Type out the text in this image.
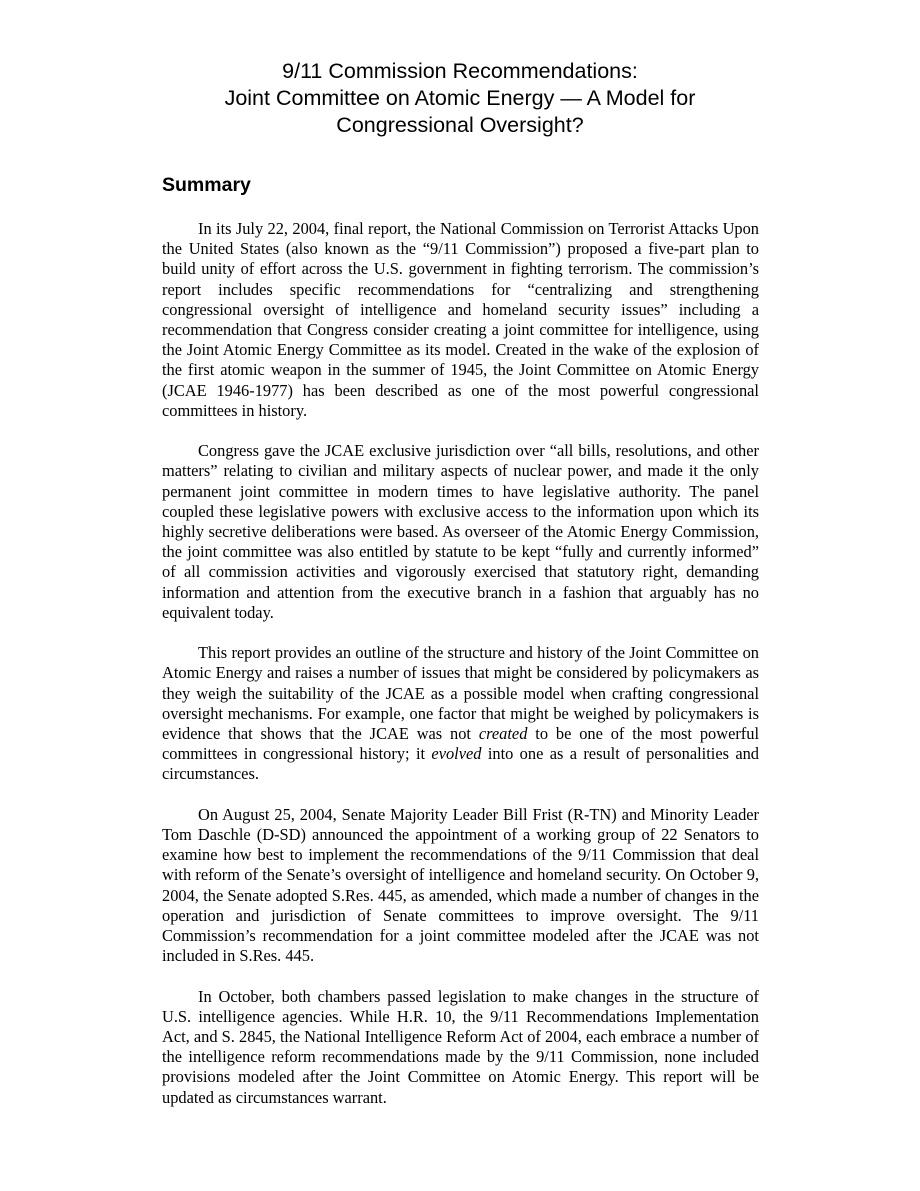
9/11 Commission Recommendations:
Joint Committee on Atomic Energy — A Model for
Congressional Oversight?
Summary

In its July 22, 2004, final report, the National Commission on Terrorist Attacks Upon the United States (also known as the “9/11 Commission”) proposed a five-part plan to build unity of effort across the U.S. government in fighting terrorism. The commission’s report includes specific recommendations for “centralizing and strengthening congressional oversight of intelligence and homeland security issues” including a recommendation that Congress consider creating a joint committee for intelligence, using the Joint Atomic Energy Committee as its model. Created in the wake of the explosion of the first atomic weapon in the summer of 1945, the Joint Committee on Atomic Energy (JCAE 1946-1977) has been described as one of the most powerful congressional committees in history.

Congress gave the JCAE exclusive jurisdiction over “all bills, resolutions, and other matters” relating to civilian and military aspects of nuclear power, and made it the only permanent joint committee in modern times to have legislative authority. The panel coupled these legislative powers with exclusive access to the information upon which its highly secretive deliberations were based. As overseer of the Atomic Energy Commission, the joint committee was also entitled by statute to be kept “fully and currently informed” of all commission activities and vigorously exercised that statutory right, demanding information and attention from the executive branch in a fashion that arguably has no equivalent today.

This report provides an outline of the structure and history of the Joint Committee on Atomic Energy and raises a number of issues that might be considered by policymakers as they weigh the suitability of the JCAE as a possible model when crafting congressional oversight mechanisms. For example, one factor that might be weighed by policymakers is evidence that shows that the JCAE was not created to be one of the most powerful committees in congressional history; it evolved into one as a result of personalities and circumstances.

On August 25, 2004, Senate Majority Leader Bill Frist (R-TN) and Minority Leader Tom Daschle (D-SD) announced the appointment of a working group of 22 Senators to examine how best to implement the recommendations of the 9/11 Commission that deal with reform of the Senate’s oversight of intelligence and homeland security. On October 9, 2004, the Senate adopted S.Res. 445, as amended, which made a number of changes in the operation and jurisdiction of Senate committees to improve oversight. The 9/11 Commission’s recommendation for a joint committee modeled after the JCAE was not included in S.Res. 445.

In October, both chambers passed legislation to make changes in the structure of U.S. intelligence agencies. While H.R. 10, the 9/11 Recommendations Implementation Act, and S. 2845, the National Intelligence Reform Act of 2004, each embrace a number of the intelligence reform recommendations made by the 9/11 Commission, none included provisions modeled after the Joint Committee on Atomic Energy. This report will be updated as circumstances warrant.
